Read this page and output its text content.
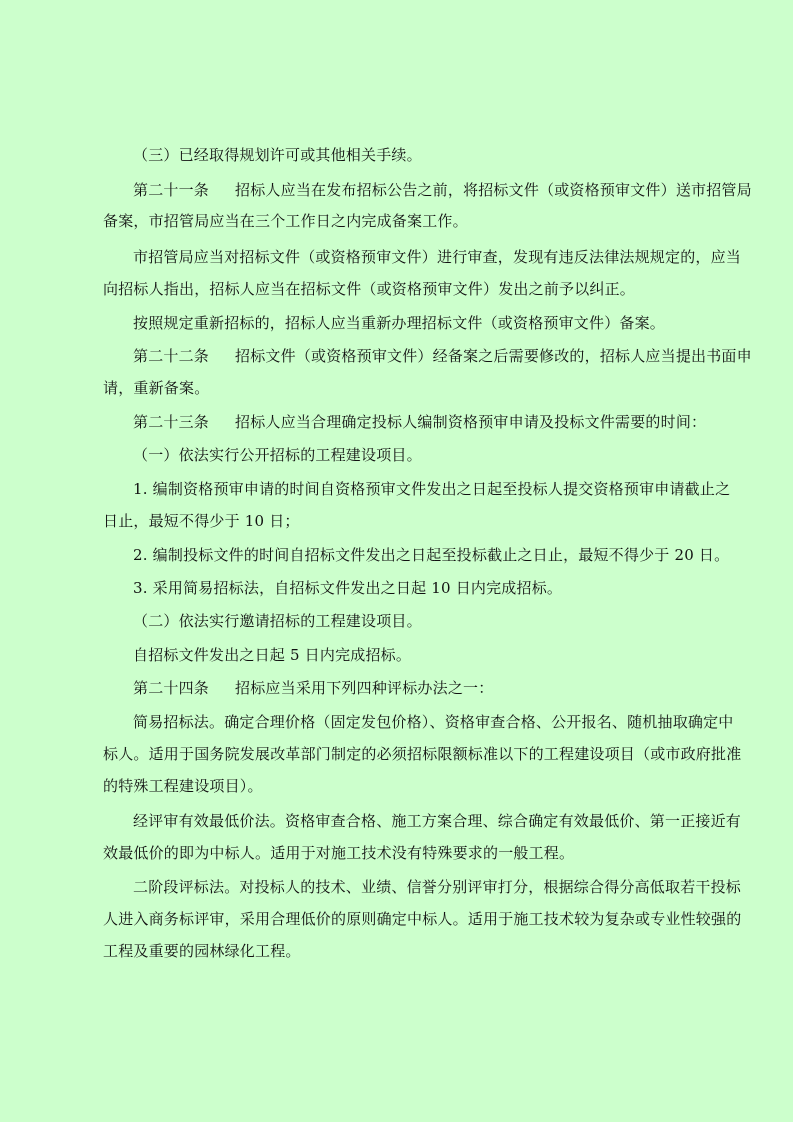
（三）已经取得规划许可或其他相关手续。
第二十一条 招标人应当在发布招标公告之前，将招标文件（或资格预审文件）送市招管局
备案，市招管局应当在三个工作日之内完成备案工作。
市招管局应当对招标文件（或资格预审文件）进行审查，发现有违反法律法规规定的，应当
向招标人指出，招标人应当在招标文件（或资格预审文件）发出之前予以纠正。
按照规定重新招标的，招标人应当重新办理招标文件（或资格预审文件）备案。
第二十二条 招标文件（或资格预审文件）经备案之后需要修改的，招标人应当提出书面申
请，重新备案。
第二十三条 招标人应当合理确定投标人编制资格预审申请及投标文件需要的时间：
（一）依法实行公开招标的工程建设项目。
1. 编制资格预审申请的时间自资格预审文件发出之日起至投标人提交资格预审申请截止之
日止，最短不得少于 10 日；
2. 编制投标文件的时间自招标文件发出之日起至投标截止之日止，最短不得少于 20 日。
3. 采用简易招标法，自招标文件发出之日起 10 日内完成招标。
（二）依法实行邀请招标的工程建设项目。
自招标文件发出之日起 5 日内完成招标。
第二十四条 招标应当采用下列四种评标办法之一：
简易招标法。确定合理价格（固定发包价格）、资格审查合格、公开报名、随机抽取确定中
标人。适用于国务院发展改革部门制定的必须招标限额标准以下的工程建设项目（或市政府批准
的特殊工程建设项目）。
经评审有效最低价法。资格审查合格、施工方案合理、综合确定有效最低价、第一正接近有
效最低价的即为中标人。适用于对施工技术没有特殊要求的一般工程。
二阶段评标法。对投标人的技术、业绩、信誉分别评审打分，根据综合得分高低取若干投标
人进入商务标评审，采用合理低价的原则确定中标人。适用于施工技术较为复杂或专业性较强的
工程及重要的园林绿化工程。
